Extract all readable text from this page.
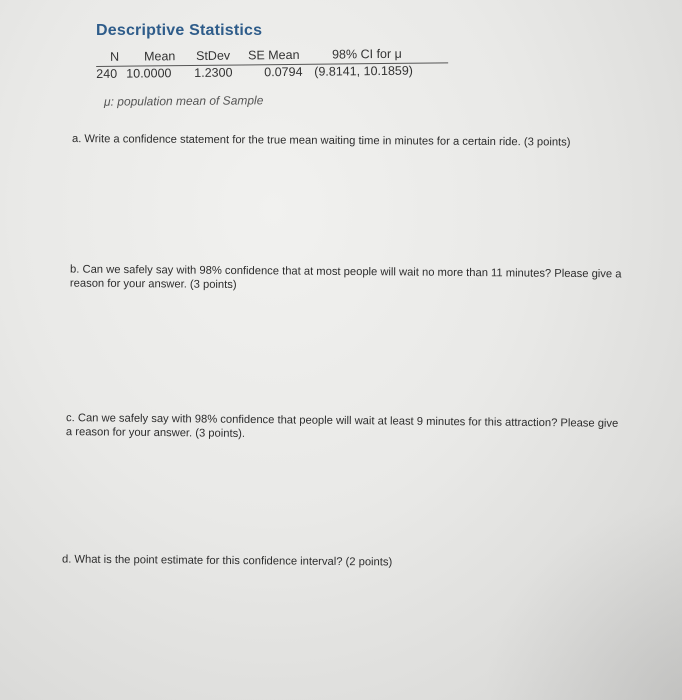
Descriptive Statistics
N Mean StDev SE Mean	98% CI for μ
240 10.0000 1.2300	0.0794 (9.8141, 10.1859)
μ: population mean of Sample
a. Write a confidence statement for the true mean waiting time in minutes for a certain ride. (3 points)
b. Can we safely say with 98% confidence that at most people will wait no more than 11 minutes? Please give a reason for your answer. (3 points)
c. Can we safely say with 98% confidence that people will wait at least 9 minutes for this attraction? Please give a reason for your answer. (3 points).
d. What is the point estimate for this confidence interval? (2 points)
